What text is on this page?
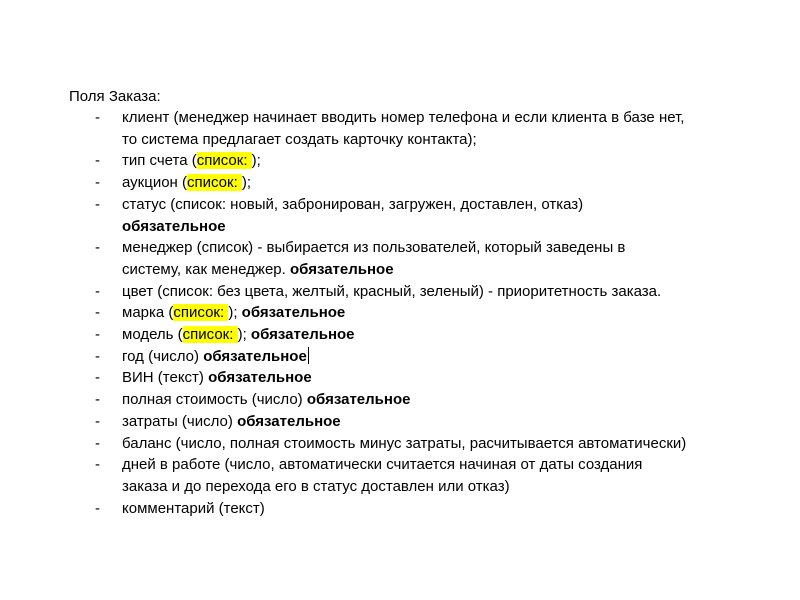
Поля Заказа:
- клиент (менеджер начинает вводить номер телефона и если клиента в базе нет,
то система предлагает создать карточку контакта);
- тип счета (список: );
- аукцион (список: );
- статус (список: новый, забронирован, загружен, доставлен, отказ)
обязательное
- менеджер (список) - выбирается из пользователей, который заведены в
систему, как менеджер. обязательное
- цвет (список: без цвета, желтый, красный, зеленый) - приоритетность заказа.
- марка (список: ); обязательное
- модель (список: ); обязательное
- год (число) обязательное
- ВИН (текст) обязательное
- полная стоимость (число) обязательное
- затраты (число) обязательное
- баланс (число, полная стоимость минус затраты, расчитывается автоматически)
- дней в работе (число, автоматически считается начиная от даты создания
заказа и до перехода его в статус доставлен или отказ)
- комментарий (текст)
